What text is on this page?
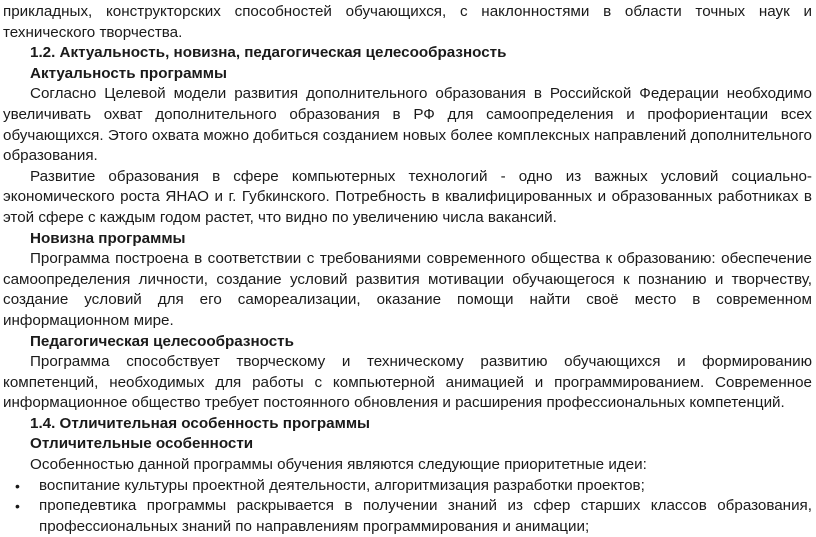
прикладных, конструкторских способностей обучающихся, с наклонностями в области точных наук и технического творчества.

1.2. Актуальность, новизна, педагогическая целесообразность

Актуальность программы

Согласно Целевой модели развития дополнительного образования в Российской Федерации необходимо увеличивать охват дополнительного образования в РФ для самоопределения и профориентации всех обучающихся. Этого охвата можно добиться созданием новых более комплексных направлений дополнительного образования.

Развитие образования в сфере компьютерных технологий - одно из важных условий социально-экономического роста ЯНАО и г. Губкинского. Потребность в квалифицированных и образованных работниках в этой сфере с каждым годом растет, что видно по увеличению числа вакансий.

Новизна программы

Программа построена в соответствии с требованиями современного общества к образованию: обеспечение самоопределения личности, создание условий развития мотивации обучающегося к познанию и творчеству, создание условий для его самореализации, оказание помощи найти своё место в современном информационном мире.

Педагогическая целесообразность

Программа способствует творческому и техническому развитию обучающихся и формированию компетенций, необходимых для работы с компьютерной анимацией и программированием. Современное информационное общество требует постоянного обновления и расширения профессиональных компетенций.

1.4. Отличительная особенность программы

Отличительные особенности

Особенностью данной программы обучения являются следующие приоритетные идеи:

• воспитание культуры проектной деятельности, алгоритмизация разработки проектов;
• пропедевтика программы раскрывается в получении знаний из сфер старших классов образования, профессиональных знаний по направлениям программирования и анимации;
